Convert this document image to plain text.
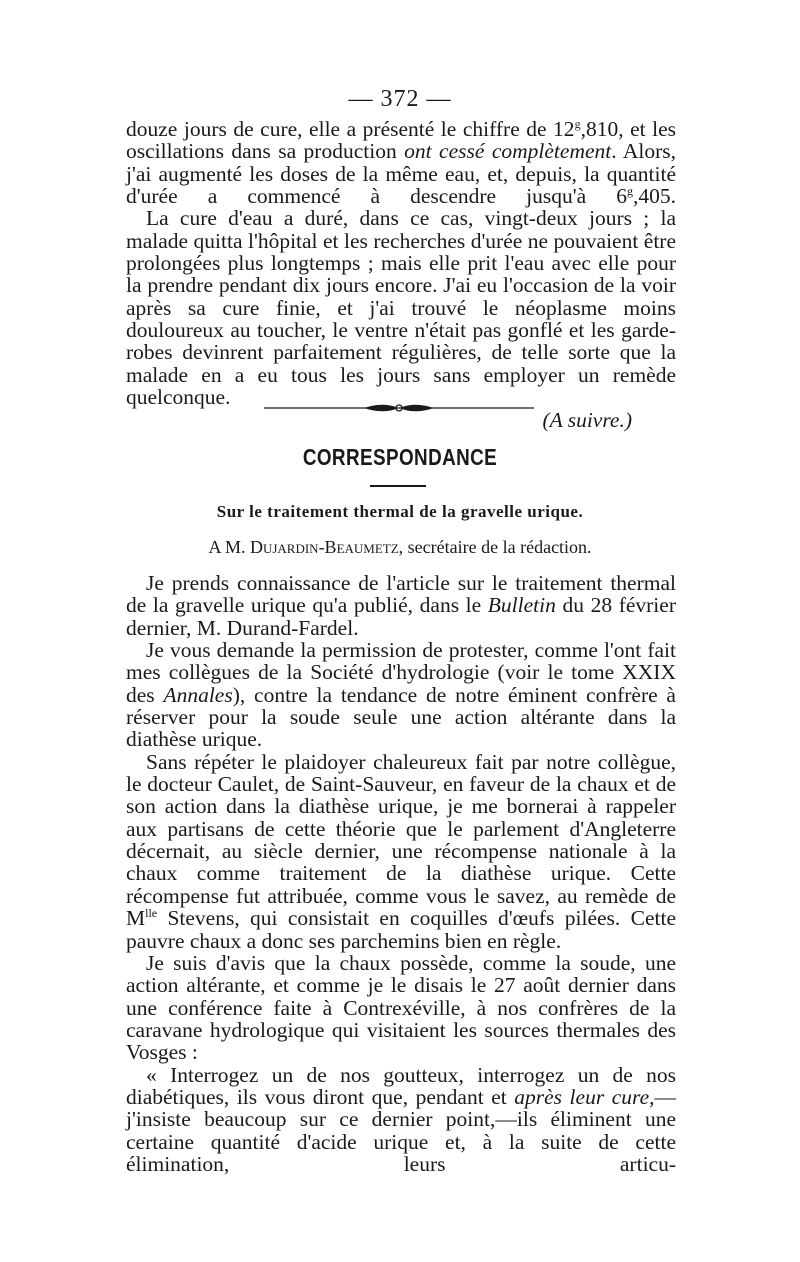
— 372 —

douze jours de cure, elle a présenté le chiffre de 12$^g$,810, et les oscillations dans sa production ont cessé complètement. Alors, j'ai augmenté les doses de la même eau, et, depuis, la quantité d'urée a commencé à descendre jusqu'à 6$^g$,405.

La cure d'eau a duré, dans ce cas, vingt-deux jours ; la malade quitta l'hôpital et les recherches d'urée ne pouvaient être prolongées plus longtemps ; mais elle prit l'eau avec elle pour la prendre pendant dix jours encore. J'ai eu l'occasion de la voir après sa cure finie, et j'ai trouvé le néoplasme moins douloureux au toucher, le ventre n'était pas gonflé et les garde-robes devinrent parfaitement régulières, de telle sorte que la malade en a eu tous les jours sans employer un remède quelconque.

(A suivre.)

CORRESPONDANCE
Sur le traitement thermal de la gravelle urique.
A M. Dujardin-Beaumetz, secrétaire de la rédaction.

Je prends connaissance de l'article sur le traitement thermal de la gravelle urique qu'a publié, dans le Bulletin du 28 février dernier, M. Durand-Fardel.

Je vous demande la permission de protester, comme l'ont fait mes collègues de la Société d'hydrologie (voir le tome XXIX des Annales), contre la tendance de notre éminent confrère à réserver pour la soude seule une action altérante dans la diathèse urique.

Sans répéter le plaidoyer chaleureux fait par notre collègue, le docteur Caulet, de Saint-Sauveur, en faveur de la chaux et de son action dans la diathèse urique, je me bornerai à rappeler aux partisans de cette théorie que le parlement d'Angleterre décernait, au siècle dernier, une récompense nationale à la chaux comme traitement de la diathèse urique. Cette récompense fut attribuée, comme vous le savez, au remède de $M^{lle}$ Stevens, qui consistait en coquilles d'œufs pilées. Cette pauvre chaux a donc ses parchemins bien en règle.

Je suis d'avis que la chaux possède, comme la soude, une action altérante, et comme je le disais le 27 août dernier dans une conférence faite à Contrexéville, à nos confrères de la caravane hydrologique qui visitaient les sources thermales des Vosges :

« Interrogez un de nos goutteux, interrogez un de nos diabétiques, ils vous diront que, pendant et après leur cure,—j'insiste beaucoup sur ce dernier point,—ils éliminent une certaine quantité d'acide urique et, à la suite de cette élimination, leurs articu-
